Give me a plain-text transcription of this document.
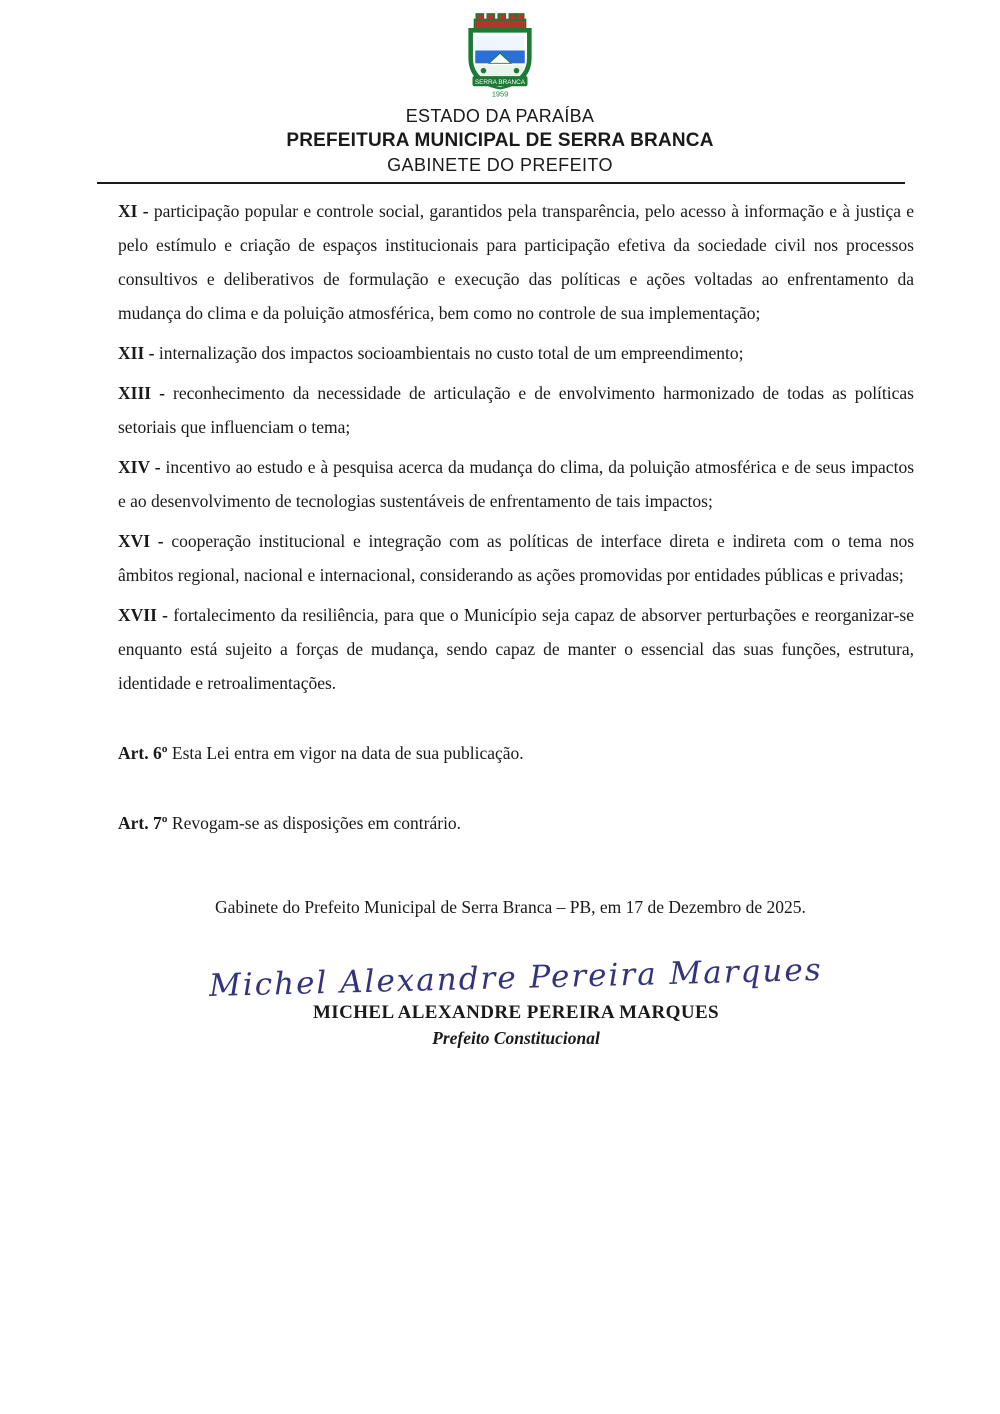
SERRA BRANCA
1959
ESTADO DA PARAÍBA
PREFEITURA MUNICIPAL DE SERRA BRANCA
GABINETE DO PREFEITO

XI - participação popular e controle social, garantidos pela transparência, pelo acesso à informação e à justiça e pelo estímulo e criação de espaços institucionais para participação efetiva da sociedade civil nos processos consultivos e deliberativos de formulação e execução das políticas e ações voltadas ao enfrentamento da mudança do clima e da poluição atmosférica, bem como no controle de sua implementação;

XII - internalização dos impactos socioambientais no custo total de um empreendimento;

XIII - reconhecimento da necessidade de articulação e de envolvimento harmonizado de todas as políticas setoriais que influenciam o tema;

XIV - incentivo ao estudo e à pesquisa acerca da mudança do clima, da poluição atmosférica e de seus impactos e ao desenvolvimento de tecnologias sustentáveis de enfrentamento de tais impactos;

XVI - cooperação institucional e integração com as políticas de interface direta e indireta com o tema nos âmbitos regional, nacional e internacional, considerando as ações promovidas por entidades públicas e privadas;

XVII - fortalecimento da resiliência, para que o Município seja capaz de absorver perturbações e reorganizar-se enquanto está sujeito a forças de mudança, sendo capaz de manter o essencial das suas funções, estrutura, identidade e retroalimentações.

Art. 6º Esta Lei entra em vigor na data de sua publicação.

Art. 7º Revogam-se as disposições em contrário.

Gabinete do Prefeito Municipal de Serra Branca – PB, em 17 de Dezembro de 2025.

Michel Alexandre Pereira Marques
MICHEL ALEXANDRE PEREIRA MARQUES
Prefeito Constitucional
